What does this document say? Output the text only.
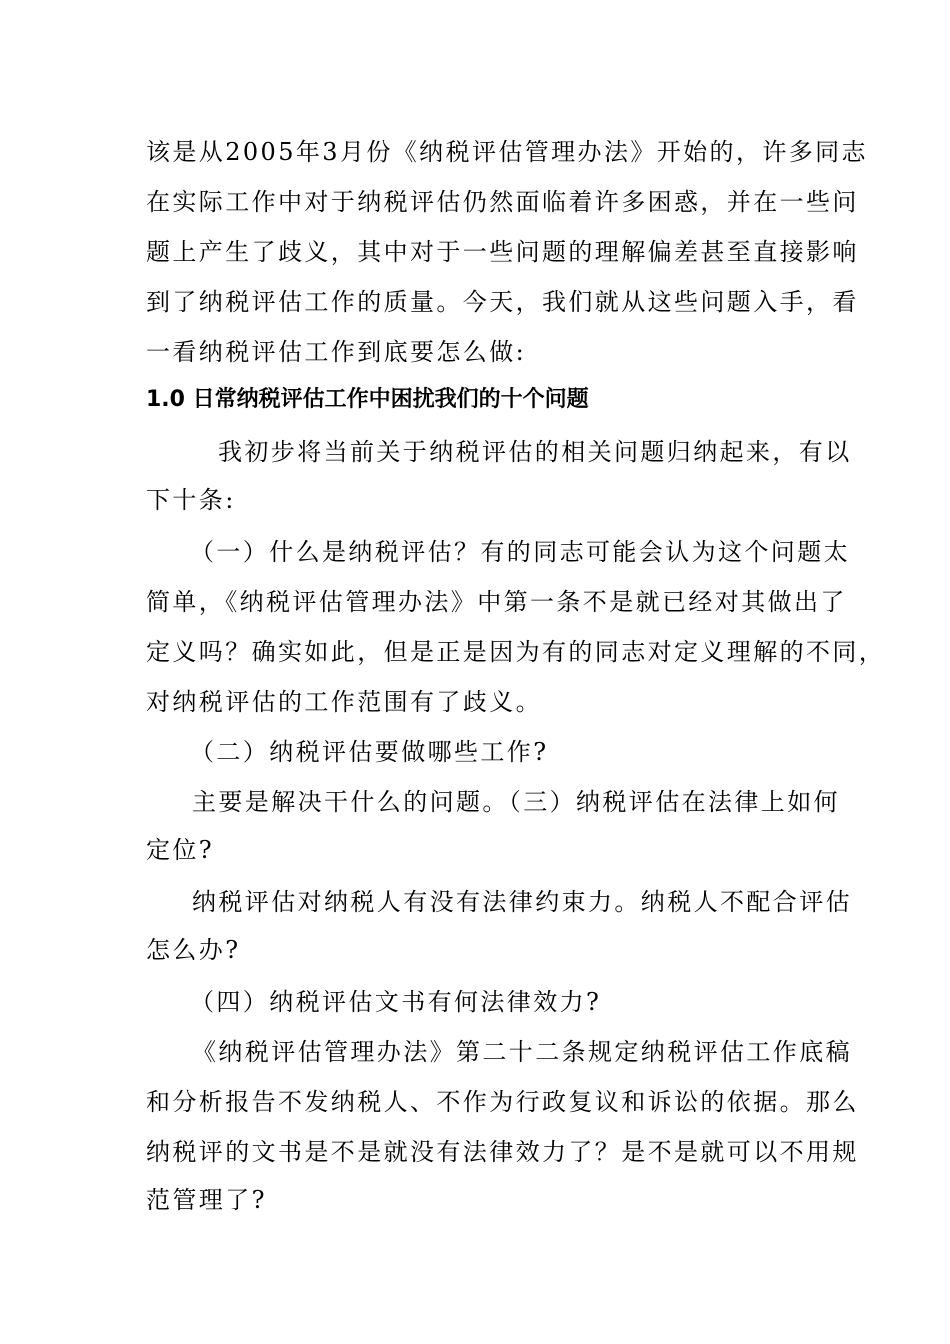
该是从2005年3月份《纳税评估管理办法》开始的，许多同志
在实际工作中对于纳税评估仍然面临着许多困惑，并在一些问
题上产生了歧义，其中对于一些问题的理解偏差甚至直接影响
到了纳税评估工作的质量。今天，我们就从这些问题入手，看
一看纳税评估工作到底要怎么做:
1.0 日常纳税评估工作中困扰我们的十个问题
我初步将当前关于纳税评估的相关问题归纳起来，有以
下十条:
（一）什么是纳税评估？有的同志可能会认为这个问题太
简单，《纳税评估管理办法》中第一条不是就已经对其做出了
定义吗？确实如此，但是正是因为有的同志对定义理解的不同，
对纳税评估的工作范围有了歧义。
（二）纳税评估要做哪些工作?
主要是解决干什么的问题。（三）纳税评估在法律上如何
定位?
纳税评估对纳税人有没有法律约束力。纳税人不配合评估
怎么办?
（四）纳税评估文书有何法律效力?
《纳税评估管理办法》第二十二条规定纳税评估工作底稿
和分析报告不发纳税人、不作为行政复议和诉讼的依据。那么
纳税评的文书是不是就没有法律效力了？是不是就可以不用规
范管理了?
